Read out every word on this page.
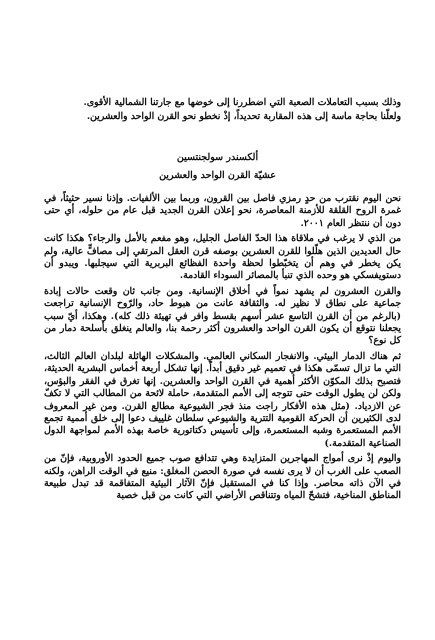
وذلك بسبب التعاملات الصعبة التي اضطررنا إلى خوضها مع جارتنا الشمالية الأقوى.

ولعلّنا بحاجة ماسة إلى هذه المقاربة تحديداً، إذْ نخطو نحو القرن الواحد والعشرين.

ألكسندر سولجنتسين
عشيّة القرن الواحد والعشرين

نحن اليوم نقترب من حدٍ رمزي فاصل بين القرون، وربما بين الألفيات. وإذنا نسير حثيثاً، في غمرة الروح القلقة للأزمنة المعاصرة، نحو إعلان القرن الجديد قبل عام من حلوله، أي حتى دون أن ننتظر العام ٢٠٠١.

من الذي لا يرغب في ملاقاة هذا الحدّ الفاصل الجليل، وهو مفعم بالأمل والرجاء؟ هكذا كانت حال العديدين الذين هلّلوا للقرن العشرين بوصفه قرن العقل المرتقي إلى مصافٍّ عالية، ولم يكن يخطر في وهم أن يتخبّطوا لحظة واحدة الفظائع البربرية التي سيجلبها. ويبدو أن دستويفسكي هو وحده الذي تنبأ بالمصائر السوداء القادمة.

والقرن العشرون لم يشهد نمواً في أخلاق الإنسانية. ومن جانب ثان وقعت حالات إبادة جماعية على نطاق لا نظير له. والثقافة عانت من هبوط حاد، والرّوح الإنسانية تراجعت (بالرغم من أن القرن التاسع عشر أسهم بقسط وافر في تهيئة ذلك كله). وهكذا، أيّ سبب يجعلنا نتوقع أن يكون القرن الواحد والعشرون أكثر رحمة بنا، والعالم ينغلق بأسلحة دمار من كل نوع؟

ثم هناك الدمار البيئي. والانفجار السكاني العالمي. والمشكلات الهائلة لبلدان العالم الثالث، التي ما تزال تسمّى هكذا في تعميم غير دقيق أبداً. إنها تشكل أربعة أخماس البشرية الحديثة، فتصبح بذلك المكوّن الأكثر أهمية في القرن الواحد والعشرين. إنها تغرق في الفقر والبؤس، ولكن لن يطول الوقت حتى تتوجه إلى الأمم المتقدمة، حاملة لائحة من المطالب التي لا تكفّ عن الازدياد. (مثل هذه الأفكار راجت منذ فجر الشيوعية مطالع القرن. ومن غير المعروف لدى الكثيرين أن الحركة القومية التترية والشيوعي سلطان غلييف دعوا إلى خلق أممية تجمع الأمم المستعمرة وشبه المستعمرة، وإلى تأسيس دكتاتورية خاصة بهذه الأمم لمواجهة الدول الصناعية المتقدمة.)

واليوم إذْ نرى أمواج المهاجرين المتزايدة وهي تتدافع صوب جميع الحدود الأوروبية، فإنّ من الصعب على الغرب أن لا يرى نفسه في صورة الحصن المغلق: منيع في الوقت الراهن، ولكنه في الآن ذاته محاصر. وإذا كنا في المستقبل فإنّ الآثار البيئية المتفاقمة قد تبدل طبيعة المناطق المناخية، فتشحّ المياه وتتناقص الأراضي التي كانت من قبل خصبة
